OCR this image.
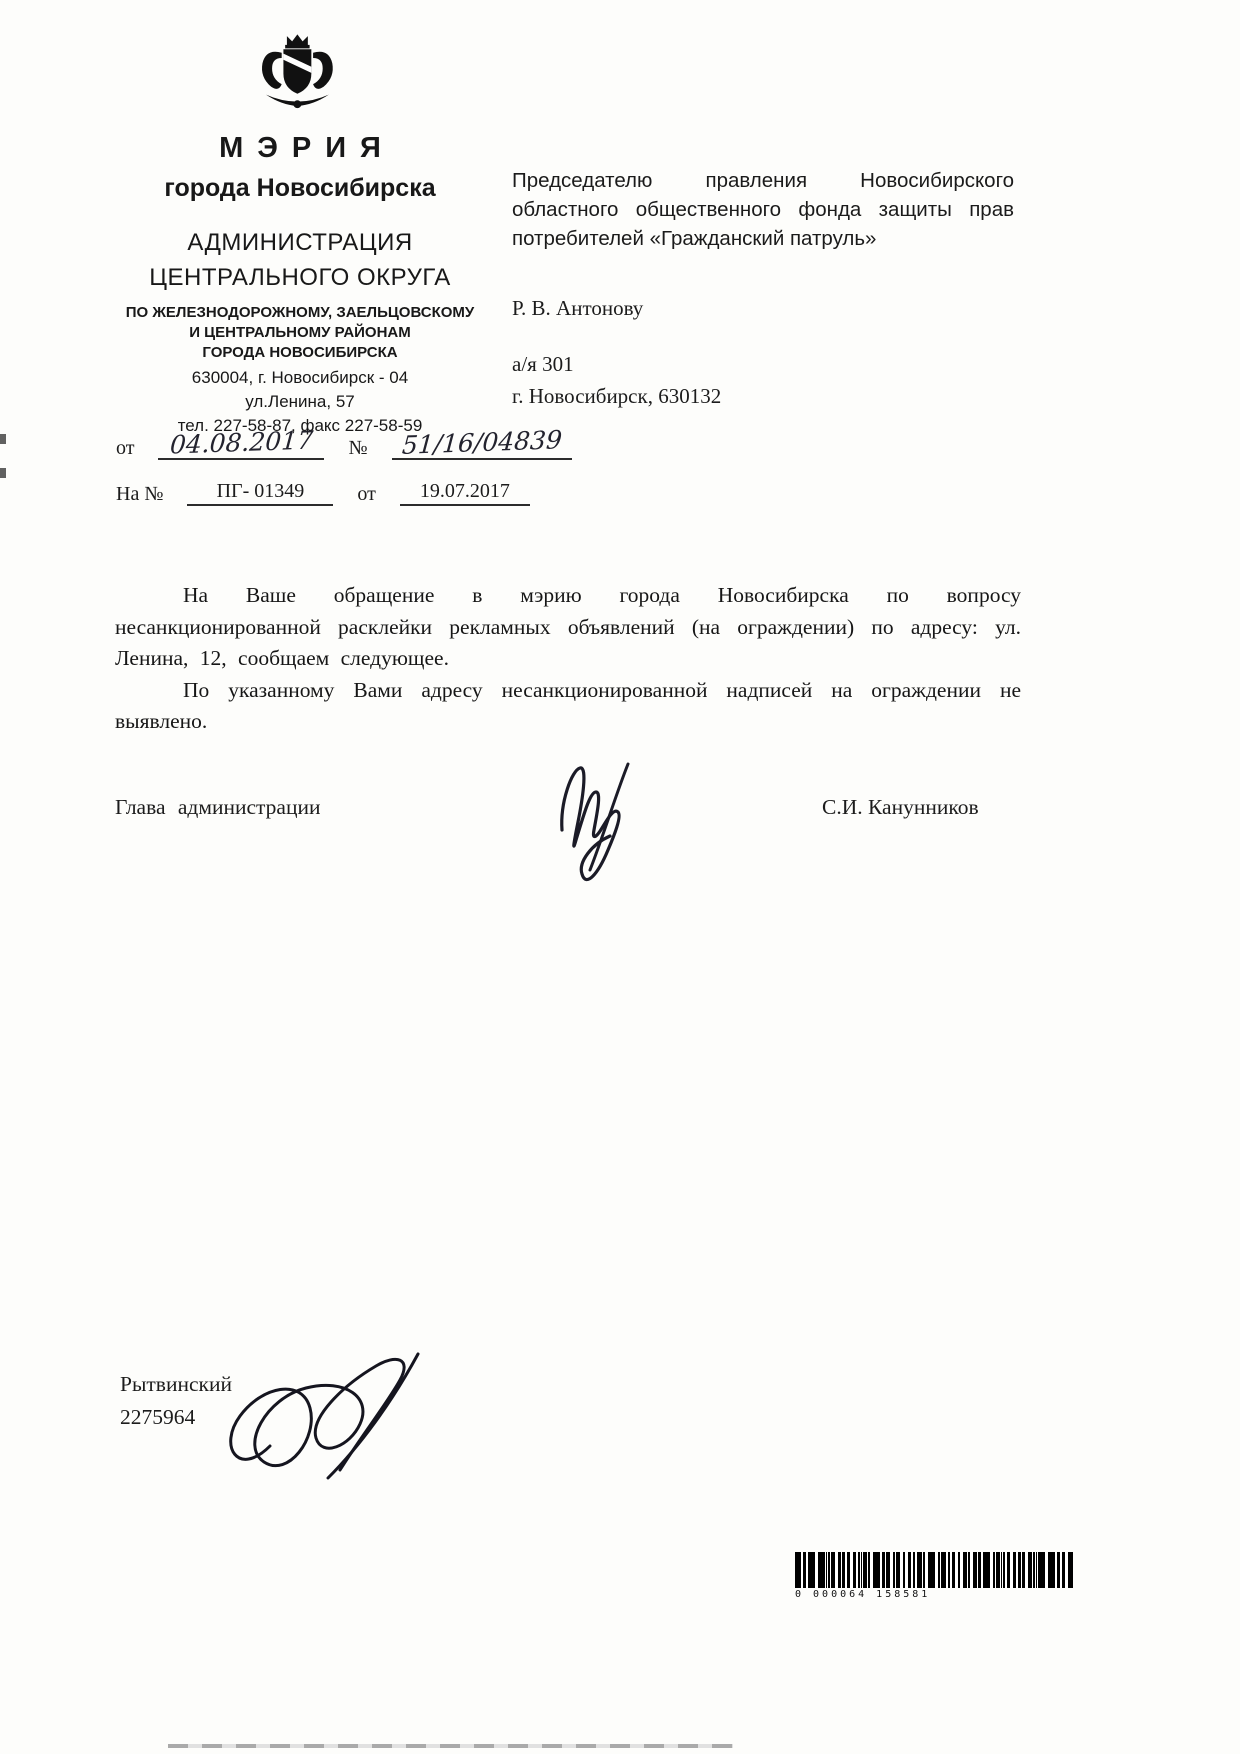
МЭРИЯ
города Новосибирска
АДМИНИСТРАЦИЯ
ЦЕНТРАЛЬНОГО ОКРУГА
ПО ЖЕЛЕЗНОДОРОЖНОМУ, ЗАЕЛЬЦОВСКОМУ
И ЦЕНТРАЛЬНОМУ РАЙОНАМ
ГОРОДА НОВОСИБИРСКА
630004, г. Новосибирск - 04
ул.Ленина, 57
тел. 227-58-87, факс 227-58-59
Председателю правления Новосибирского областного общественного фонда защиты прав потребителей «Гражданский патруль»
Р. В. Антонову
а/я 301
г. Новосибирск, 630132
от 04.08.2017 № 51/16/04839
На №	ПГ- 01349	от 19.07.2017

На Ваше обращение в мэрию города Новосибирска по вопросу несанкционированной расклейки рекламных объявлений (на ограждении) по адресу: ул. Ленина, 12, сообщаем следующее.

По указанному Вами адресу несанкционированной надписей на ограждении не выявлено.

Глава администрации	С.И. Канунников
Рытвинский
2275964
0 000064 158581
